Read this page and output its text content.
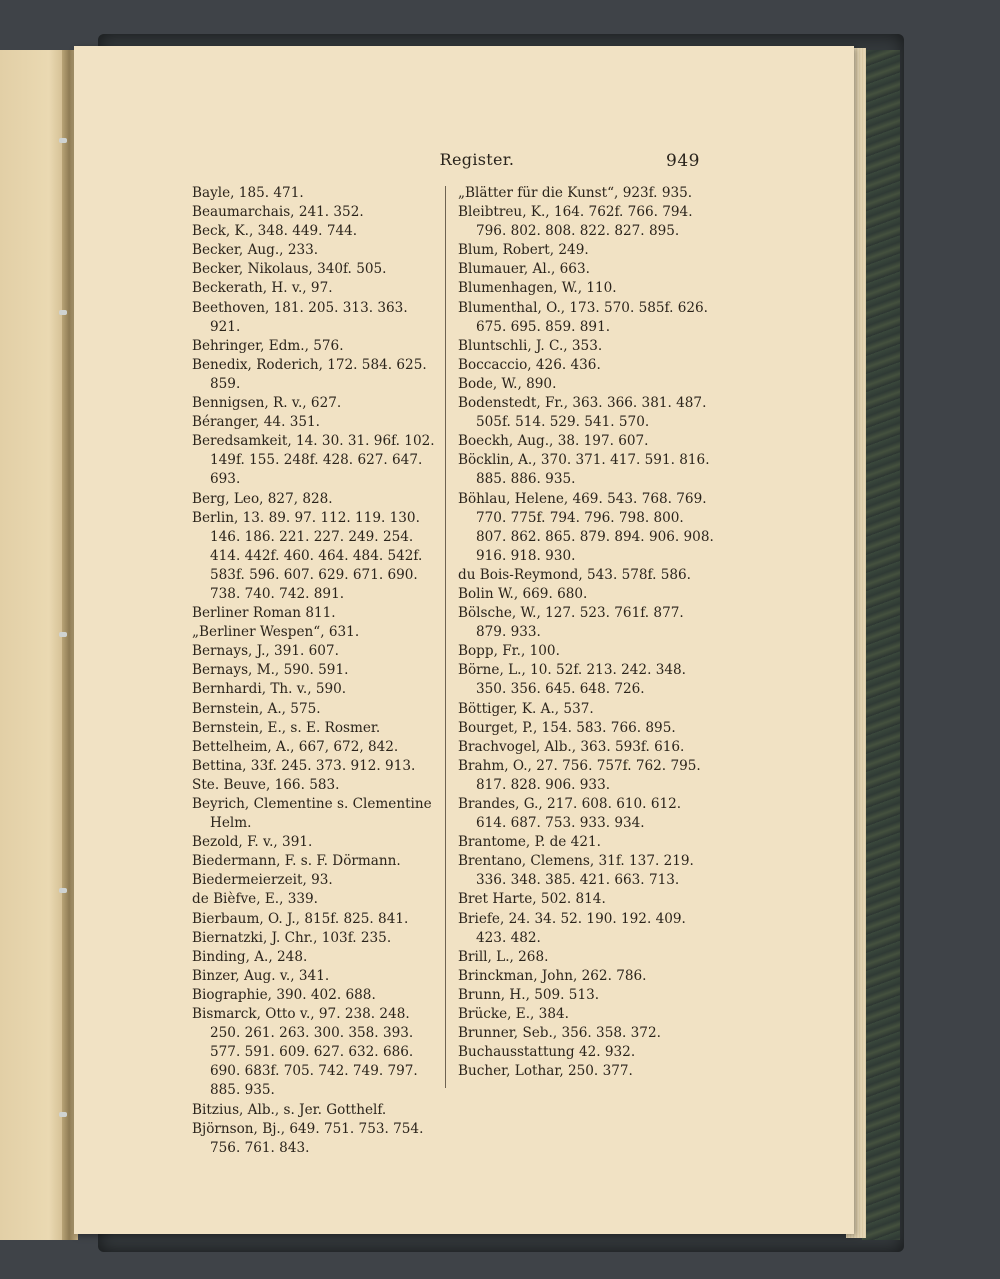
Register.	949
Bayle, 185. 471.
Beaumarchais, 241. 352.
Beck, K., 348. 449. 744.
Becker, Aug., 233.
Becker, Nikolaus, 340f. 505.
Beckerath, H. v., 97.
Beethoven, 181. 205. 313. 363. 921.
Behringer, Edm., 576.
Benedix, Roderich, 172. 584. 625. 859.
Bennigsen, R. v., 627.
Béranger, 44. 351.
Beredsamkeit, 14. 30. 31. 96f. 102. 149f. 155. 248f. 428. 627. 647. 693.
Berg, Leo, 827, 828.
Berlin, 13. 89. 97. 112. 119. 130. 146. 186. 221. 227. 249. 254. 414. 442f. 460. 464. 484. 542f. 583f. 596. 607. 629. 671. 690. 738. 740. 742. 891.
Berliner Roman 811.
„Berliner Wespen“, 631.
Bernays, J., 391. 607.
Bernays, M., 590. 591.
Bernhardi, Th. v., 590.
Bernstein, A., 575.
Bernstein, E., s. E. Rosmer.
Bettelheim, A., 667, 672, 842.
Bettina, 33f. 245. 373. 912. 913.
Ste. Beuve, 166. 583.
Beyrich, Clementine s. Clementine Helm.
Bezold, F. v., 391.
Biedermann, F. s. F. Dörmann.
Biedermeierzeit, 93.
de Bièfve, E., 339.
Bierbaum, O. J., 815f. 825. 841.
Biernatzki, J. Chr., 103f. 235.
Binding, A., 248.
Binzer, Aug. v., 341.
Biographie, 390. 402. 688.
Bismarck, Otto v., 97. 238. 248. 250. 261. 263. 300. 358. 393. 577. 591. 609. 627. 632. 686. 690. 683f. 705. 742. 749. 797. 885. 935.
Bitzius, Alb., s. Jer. Gotthelf.
Björnson, Bj., 649. 751. 753. 754. 756. 761. 843.
„Blätter für die Kunst“, 923f. 935.
Bleibtreu, K., 164. 762f. 766. 794. 796. 802. 808. 822. 827. 895.
Blum, Robert, 249.
Blumauer, Al., 663.
Blumenhagen, W., 110.
Blumenthal, O., 173. 570. 585f. 626. 675. 695. 859. 891.
Bluntschli, J. C., 353.
Boccaccio, 426. 436.
Bode, W., 890.
Bodenstedt, Fr., 363. 366. 381. 487. 505f. 514. 529. 541. 570.
Boeckh, Aug., 38. 197. 607.
Böcklin, A., 370. 371. 417. 591. 816. 885. 886. 935.
Böhlau, Helene, 469. 543. 768. 769. 770. 775f. 794. 796. 798. 800. 807. 862. 865. 879. 894. 906. 908. 916. 918. 930.
du Bois-Reymond, 543. 578f. 586.
Bolin W., 669. 680.
Bölsche, W., 127. 523. 761f. 877. 879. 933.
Bopp, Fr., 100.
Börne, L., 10. 52f. 213. 242. 348. 350. 356. 645. 648. 726.
Böttiger, K. A., 537.
Bourget, P., 154. 583. 766. 895.
Brachvogel, Alb., 363. 593f. 616.
Brahm, O., 27. 756. 757f. 762. 795. 817. 828. 906. 933.
Brandes, G., 217. 608. 610. 612. 614. 687. 753. 933. 934.
Brantome, P. de 421.
Brentano, Clemens, 31f. 137. 219. 336. 348. 385. 421. 663. 713.
Bret Harte, 502. 814.
Briefe, 24. 34. 52. 190. 192. 409. 423. 482.
Brill, L., 268.
Brinckman, John, 262. 786.
Brunn, H., 509. 513.
Brücke, E., 384.
Brunner, Seb., 356. 358. 372.
Buchausstattung 42. 932.
Bucher, Lothar, 250. 377.
